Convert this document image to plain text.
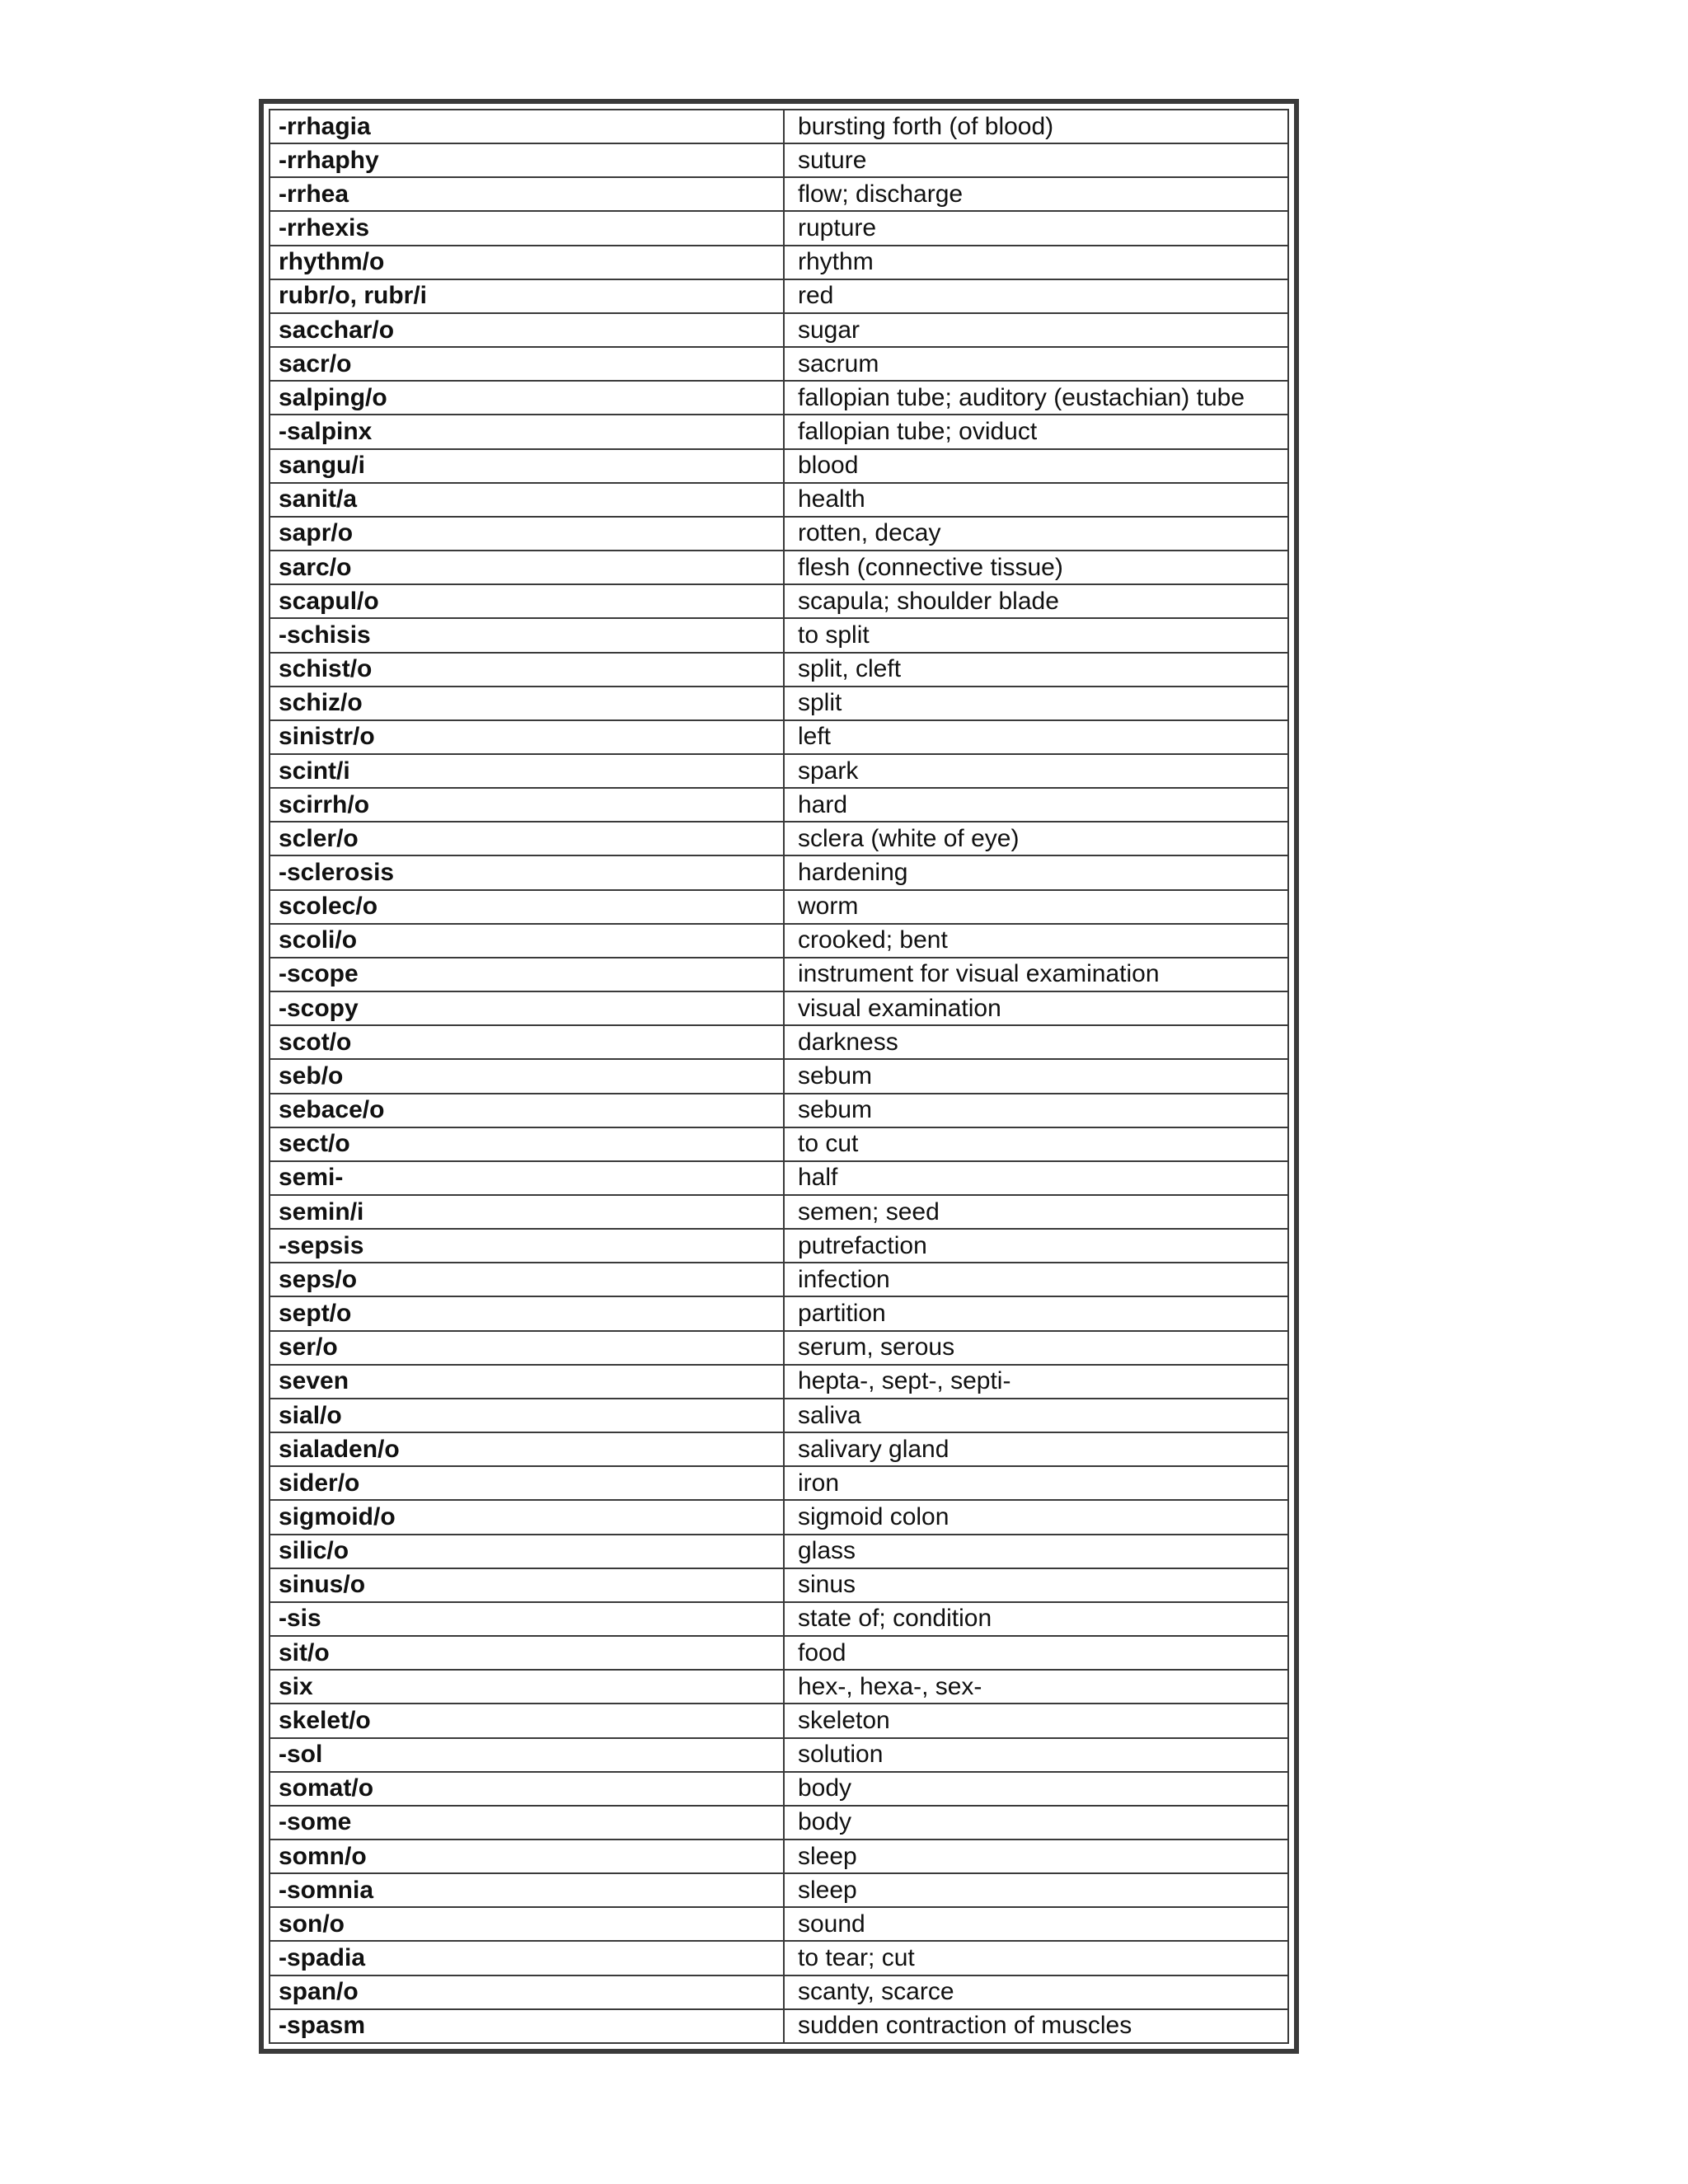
-rrhagia	bursting forth (of blood)
-rrhaphy	suture
-rrhea	flow; discharge
-rrhexis	rupture
rhythm/o	rhythm
rubr/o, rubr/i	red
sacchar/o	sugar
sacr/o	sacrum
salping/o	fallopian tube; auditory (eustachian) tube
-salpinx	fallopian tube; oviduct
sangu/i	blood
sanit/a	health
sapr/o	rotten, decay
sarc/o	flesh (connective tissue)
scapul/o	scapula; shoulder blade
-schisis	to split
schist/o	split, cleft
schiz/o	split
sinistr/o	left
scint/i	spark
scirrh/o	hard
scler/o	sclera (white of eye)
-sclerosis	hardening
scolec/o	worm
scoli/o	crooked; bent
-scope	instrument for visual examination
-scopy	visual examination
scot/o	darkness
seb/o	sebum
sebace/o	sebum
sect/o	to cut
semi-	half
semin/i	semen; seed
-sepsis	putrefaction
seps/o	infection
sept/o	partition
ser/o	serum, serous
seven	hepta-, sept-, septi-
sial/o	saliva
sialaden/o	salivary gland
sider/o	iron
sigmoid/o	sigmoid colon
silic/o	glass
sinus/o	sinus
-sis	state of; condition
sit/o	food
six	hex-, hexa-, sex-
skelet/o	skeleton
-sol	solution
somat/o	body
-some	body
somn/o	sleep
-somnia	sleep
son/o	sound
-spadia	to tear; cut
span/o	scanty, scarce
-spasm	sudden contraction of muscles
